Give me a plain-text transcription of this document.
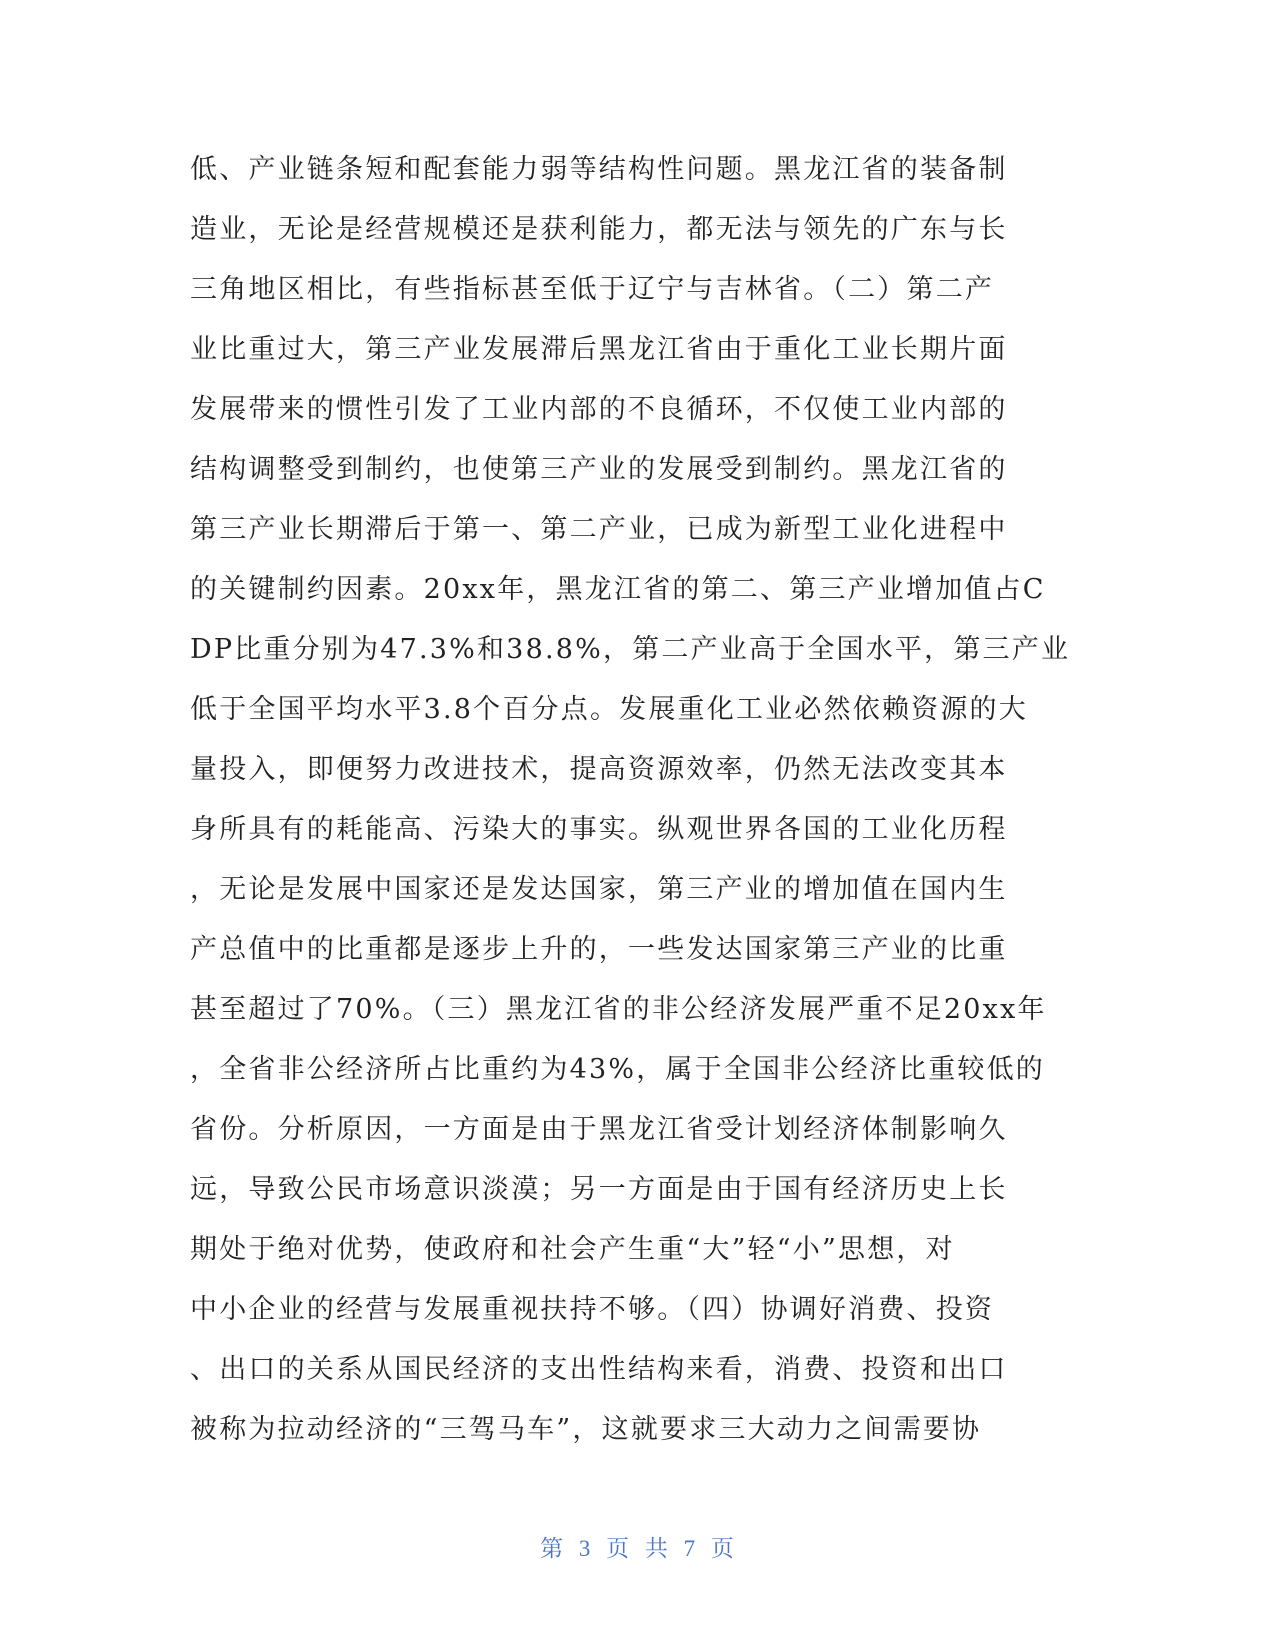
低、产业链条短和配套能力弱等结构性问题。黑龙江省的装备制
造业，无论是经营规模还是获利能力，都无法与领先的广东与长
三角地区相比，有些指标甚至低于辽宁与吉林省。（二）第二产
业比重过大，第三产业发展滞后黑龙江省由于重化工业长期片面
发展带来的惯性引发了工业内部的不良循环，不仅使工业内部的
结构调整受到制约，也使第三产业的发展受到制约。黑龙江省的
第三产业长期滞后于第一、第二产业，已成为新型工业化进程中
的关键制约因素。20xx年，黑龙江省的第二、第三产业增加值占C
DP比重分别为47.3%和38.8%，第二产业高于全国水平，第三产业
低于全国平均水平3.8个百分点。发展重化工业必然依赖资源的大
量投入，即便努力改进技术，提高资源效率，仍然无法改变其本
身所具有的耗能高、污染大的事实。纵观世界各国的工业化历程
，无论是发展中国家还是发达国家，第三产业的增加值在国内生
产总值中的比重都是逐步上升的，一些发达国家第三产业的比重
甚至超过了70%。（三）黑龙江省的非公经济发展严重不足20xx年
，全省非公经济所占比重约为43%，属于全国非公经济比重较低的
省份。分析原因，一方面是由于黑龙江省受计划经济体制影响久
远，导致公民市场意识淡漠；另一方面是由于国有经济历史上长
期处于绝对优势，使政府和社会产生重“大”轻“小”思想，对
中小企业的经营与发展重视扶持不够。（四）协调好消费、投资
、出口的关系从国民经济的支出性结构来看，消费、投资和出口
被称为拉动经济的“三驾马车”，这就要求三大动力之间需要协
第 3 页 共 7 页
